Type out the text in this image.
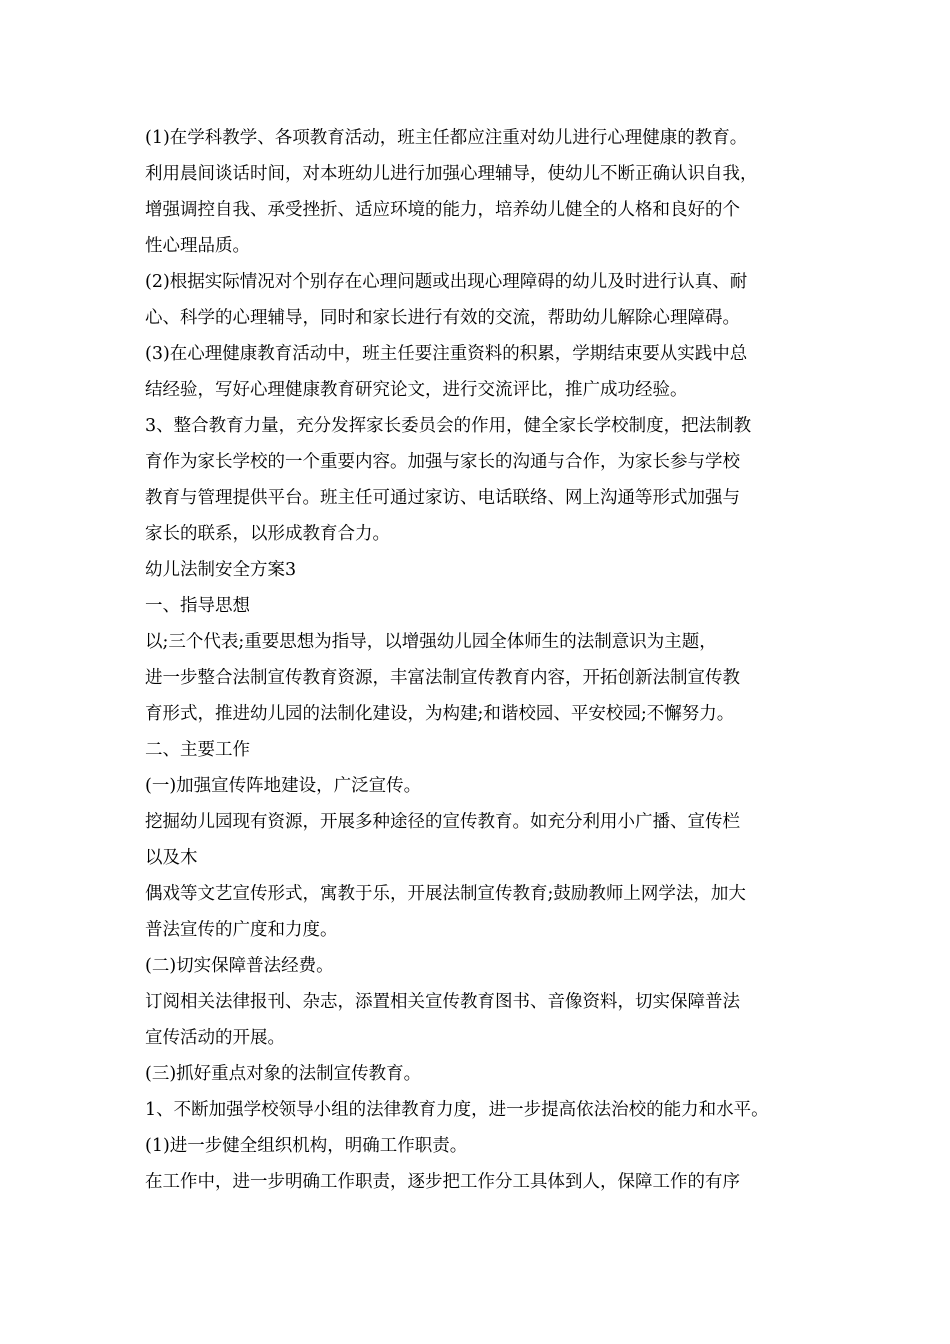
(1)在学科教学、各项教育活动，班主任都应注重对幼儿进行心理健康的教育。
利用晨间谈话时间，对本班幼儿进行加强心理辅导，使幼儿不断正确认识自我，
增强调控自我、承受挫折、适应环境的能力，培养幼儿健全的人格和良好的个
性心理品质。
(2)根据实际情况对个别存在心理问题或出现心理障碍的幼儿及时进行认真、耐
心、科学的心理辅导，同时和家长进行有效的交流，帮助幼儿解除心理障碍。
(3)在心理健康教育活动中，班主任要注重资料的积累，学期结束要从实践中总
结经验，写好心理健康教育研究论文，进行交流评比，推广成功经验。
3、整合教育力量，充分发挥家长委员会的作用，健全家长学校制度，把法制教
育作为家长学校的一个重要内容。加强与家长的沟通与合作，为家长参与学校
教育与管理提供平台。班主任可通过家访、电话联络、网上沟通等形式加强与
家长的联系，以形成教育合力。
幼儿法制安全方案3
一、指导思想
以;三个代表;重要思想为指导，以增强幼儿园全体师生的法制意识为主题，
进一步整合法制宣传教育资源，丰富法制宣传教育内容，开拓创新法制宣传教
育形式，推进幼儿园的法制化建设，为构建;和谐校园、平安校园;不懈努力。
二、主要工作
(一)加强宣传阵地建设，广泛宣传。
挖掘幼儿园现有资源，开展多种途径的宣传教育。如充分利用小广播、宣传栏
以及木
偶戏等文艺宣传形式，寓教于乐，开展法制宣传教育;鼓励教师上网学法，加大
普法宣传的广度和力度。
(二)切实保障普法经费。
订阅相关法律报刊、杂志，添置相关宣传教育图书、音像资料，切实保障普法
宣传活动的开展。
(三)抓好重点对象的法制宣传教育。
1、不断加强学校领导小组的法律教育力度，进一步提高依法治校的能力和水平。
(1)进一步健全组织机构，明确工作职责。
在工作中，进一步明确工作职责，逐步把工作分工具体到人，保障工作的有序
